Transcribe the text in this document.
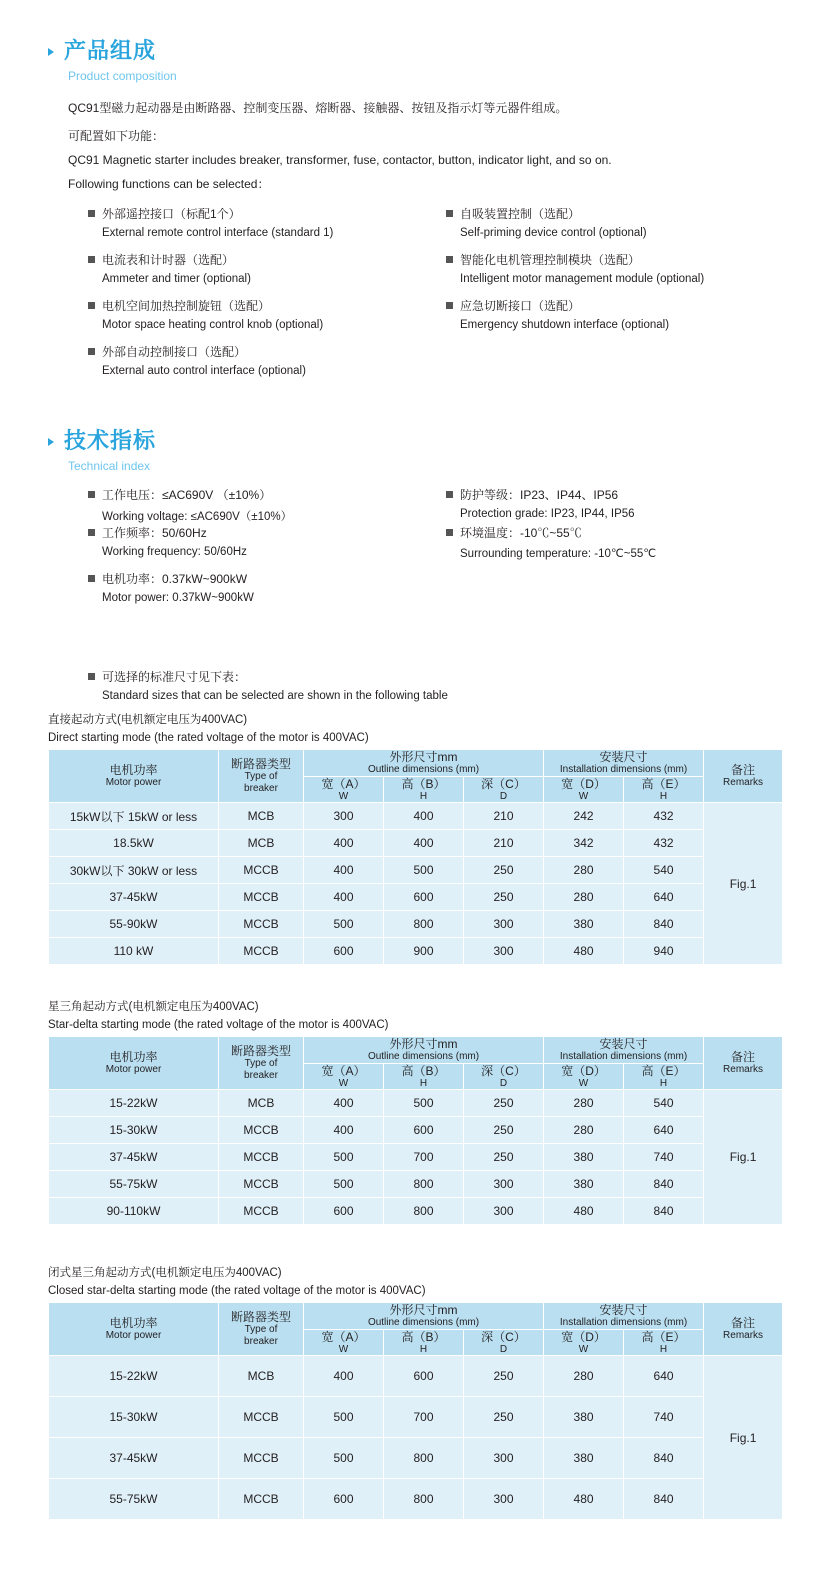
产品组成
Product composition
QC91型磁力起动器是由断路器、控制变压器、熔断器、接触器、按钮及指示灯等元器件组成。
可配置如下功能：
QC91 Magnetic starter includes breaker, transformer, fuse, contactor, button, indicator light, and so on.
Following functions can be selected：
外部遥控接口（标配1个）
External remote control interface (standard 1)
电流表和计时器（选配）
Ammeter and timer (optional)
电机空间加热控制旋钮（选配）
Motor space heating control knob (optional)
外部自动控制接口（选配）
External auto control interface (optional)
自吸装置控制（选配）
Self-priming device control (optional)
智能化电机管理控制模块（选配）
Intelligent motor management module (optional)
应急切断接口（选配）
Emergency shutdown interface (optional)
技术指标
Technical index
工作电压：≤AC690V （±10%）
Working voltage: ≤AC690V（±10%）
工作频率：50/60Hz
Working frequency: 50/60Hz
电机功率：0.37kW~900kW
Motor power: 0.37kW~900kW
防护等级：IP23、IP44、IP56
Protection grade: IP23, IP44, IP56
环境温度：-10℃~55℃
Surrounding temperature: -10℃~55℃
可选择的标准尺寸见下表：
Standard sizes that can be selected are shown in the following table
直接起动方式(电机额定电压为400VAC)
Direct starting mode (the rated voltage of the motor is 400VAC)
电机功率
Motor power	断路器类型
Type of
breaker	外形尺寸mm
Outline dimensions (mm)			安装尺寸
Installation dimensions (mm)		备注
Remarks

		宽（A）
W	高（B）
H	深（C）
D	宽（D）
W	高（E）
H	

15kW以下 15kW or less	MCB	300	400	210	242	432	Fig.1
18.5kW	MCB	400	400	210	342	432	
30kW以下 30kW or less	MCCB	400	500	250	280	540	
37-45kW	MCCB	400	600	250	280	640	
55-90kW	MCCB	500	800	300	380	840	
110 kW	MCCB	600	900	300	480	940	
星三角起动方式(电机额定电压为400VAC)
Star-delta starting mode (the rated voltage of the motor is 400VAC)
电机功率
Motor power	断路器类型
Type of
breaker	外形尺寸mm
Outline dimensions (mm)			安装尺寸
Installation dimensions (mm)		备注
Remarks

		宽（A）
W	高（B）
H	深（C）
D	宽（D）
W	高（E）
H	

15-22kW	MCB	400	500	250	280	540	Fig.1
15-30kW	MCCB	400	600	250	280	640	
37-45kW	MCCB	500	700	250	380	740	
55-75kW	MCCB	500	800	300	380	840	
90-110kW	MCCB	600	800	300	480	840	
闭式星三角起动方式(电机额定电压为400VAC)
Closed star-delta starting mode (the rated voltage of the motor is 400VAC)
电机功率
Motor power	断路器类型
Type of
breaker	外形尺寸mm
Outline dimensions (mm)			安装尺寸
Installation dimensions (mm)		备注
Remarks

		宽（A）
W	高（B）
H	深（C）
D	宽（D）
W	高（E）
H	

15-22kW	MCB	400	600	250	280	640	Fig.1
15-30kW	MCCB	500	700	250	380	740	
37-45kW	MCCB	500	800	300	380	840	
55-75kW	MCCB	600	800	300	480	840	
